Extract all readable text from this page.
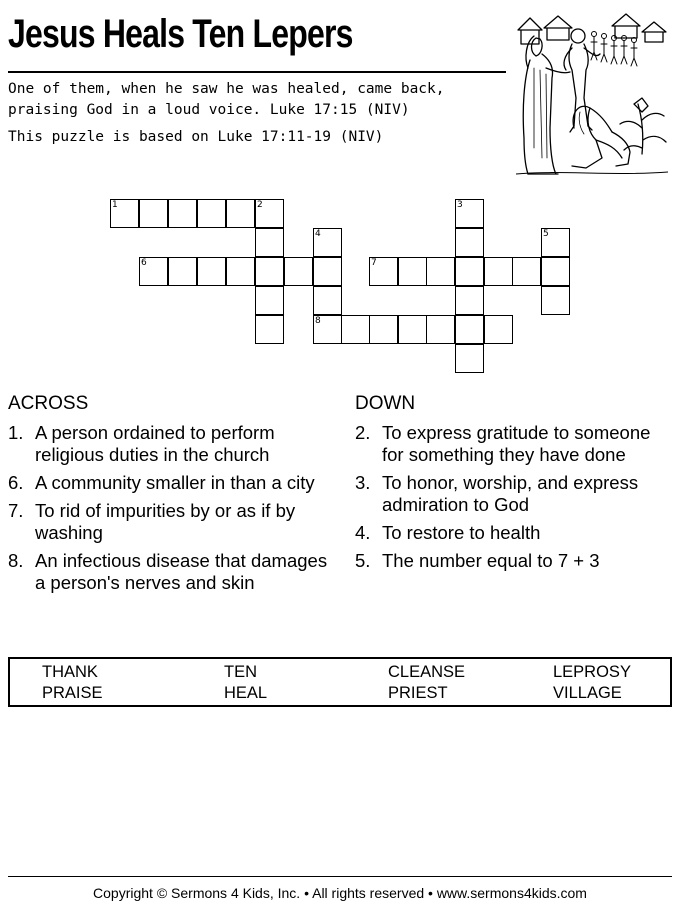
Jesus Heals Ten Lepers
One of them, when he saw he was healed, came back,
praising God in a loud voice. Luke 17:15 (NIV)
This puzzle is based on Luke 17:11-19 (NIV)
1	2
6
4
3
7
5
8
ACROSS
1. A person ordained to perform religious duties in the church
6. A community smaller in than a city
7. To rid of impurities by or as if by washing
8. An infectious disease that damages a person's nerves and skin
DOWN
2. To express gratitude to someone for something they have done
3. To honor, worship, and express admiration to God
4. To restore to health
5. The number equal to 7 + 3
THANK	TEN	CLEANSE	LEPROSY
PRAISE	HEAL	PRIEST	VILLAGE
Copyright © Sermons 4 Kids, Inc. • All rights reserved • www.sermons4kids.com
